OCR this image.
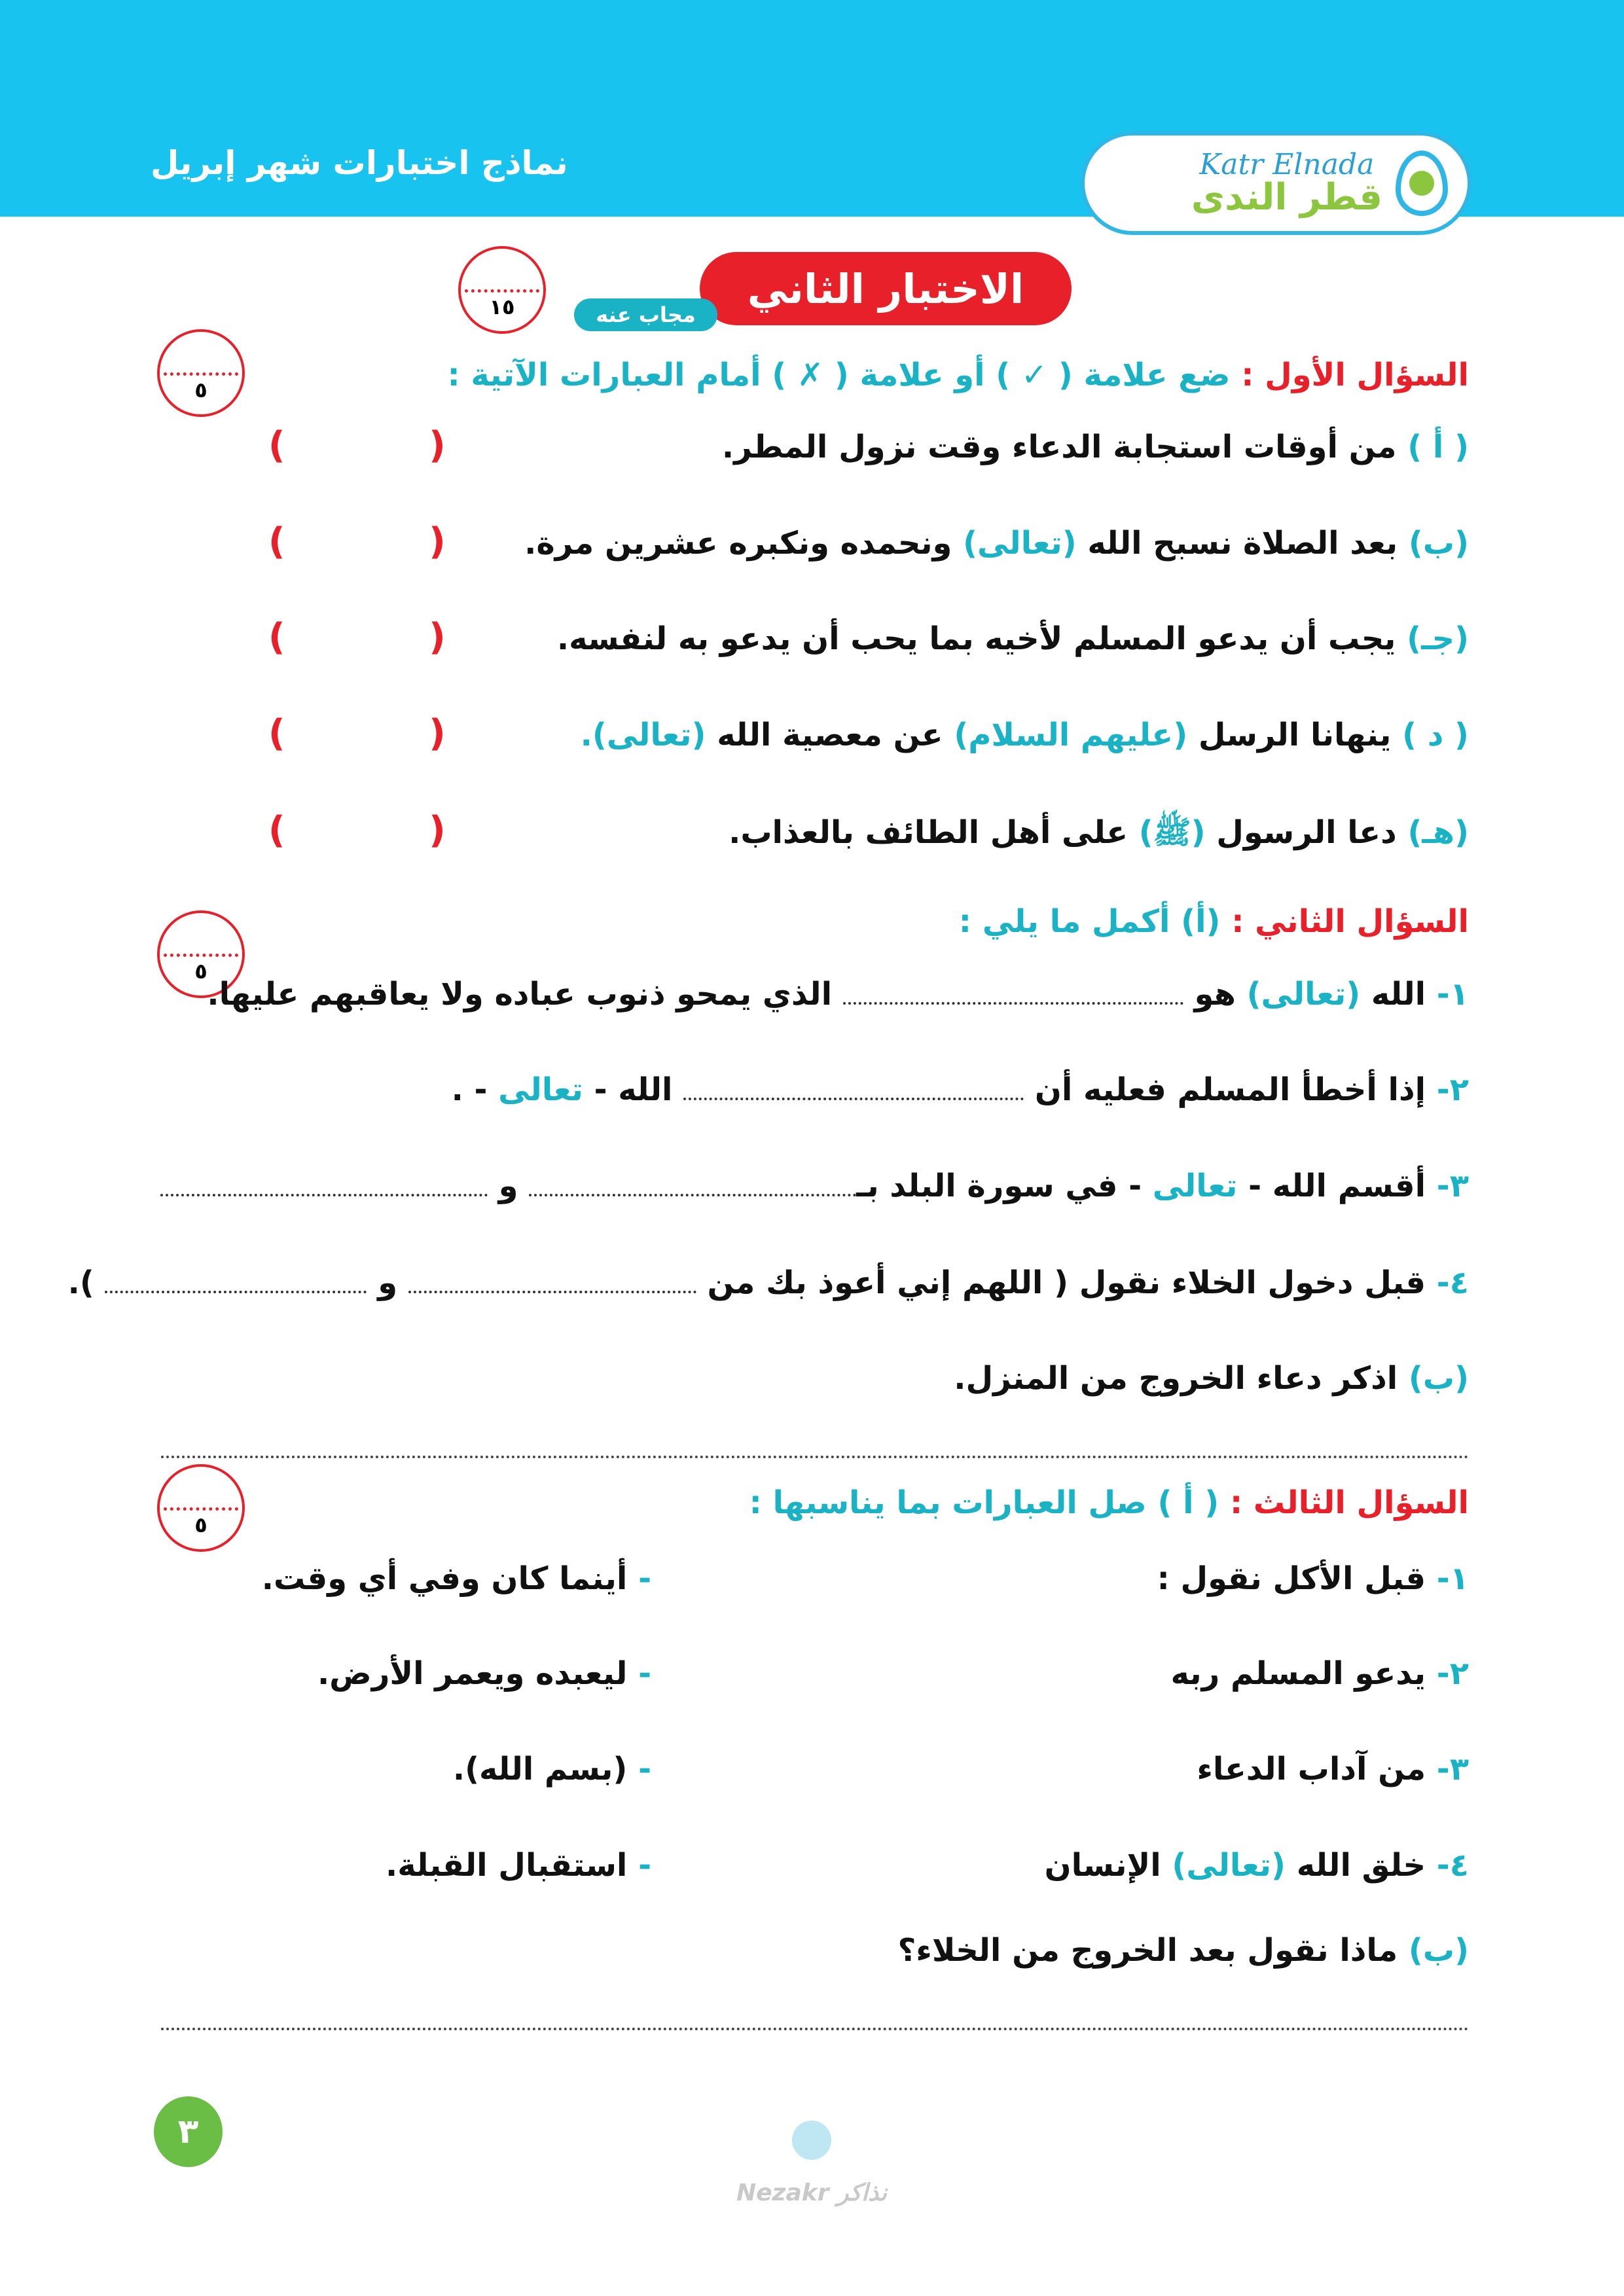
نماذج اختبارات شهر إبريل	Katr Elnada
قطر الندى
الاختبار الثاني
مجاب عنه
١٥
٥	السؤال الأول : ضع علامة ( ✓ ) أو علامة ( ✗ ) أمام العبارات الآتية :
( أ ) من أوقات استجابة الدعاء وقت نزول المطر.
(ب) بعد الصلاة نسبح الله (تعالى) ونحمده ونكبره عشرين مرة.
(جـ) يجب أن يدعو المسلم لأخيه بما يحب أن يدعو به لنفسه.
( د ) ينهانا الرسل (عليهم السلام) عن معصية الله (تعالى).
(هـ) دعا الرسول (ﷺ) على أهل الطائف بالعذاب.
( )
( )
( )
( )
( )
٥
السؤال الثاني : (أ) أكمل ما يلي :
١- الله (تعالى) هو  الذي يمحو ذنوب عباده ولا يعاقبهم عليها.
٢- إذا أخطأ المسلم فعليه أن  الله - تعالى - .
٣- أقسم الله - تعالى - في سورة البلد بـ و
٤- قبل دخول الخلاء نقول ( اللهم إني أعوذ بك من  و  ).
(ب) اذكر دعاء الخروج من المنزل.
٥
السؤال الثالث : ( أ ) صل العبارات بما يناسبها :
١- قبل الأكل نقول :
٢- يدعو المسلم ربه
٣- من آداب الدعاء
٤- خلق الله (تعالى) الإنسان
- أينما كان وفي أي وقت.
- ليعبده ويعمر الأرض.
- (بسم الله).
- استقبال القبلة.
(ب) ماذا نقول بعد الخروج من الخلاء؟
٣
Nezakr نذاكر
